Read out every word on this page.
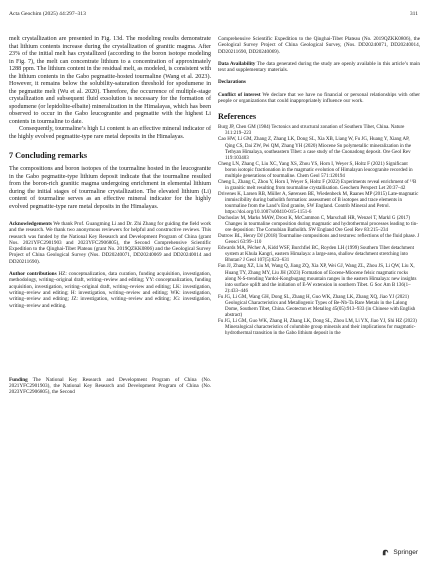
Acta Geochim (2025) 44:297–313	311

melt crystallization are presented in Fig. 13d. The modeling results demonstrate that lithium contents increase during the crystallization of granitic magma. After 23% of the initial melt has crystallized (according to the boron isotope modeling in Fig. 7), the melt can concentrate lithium to a concentration of approximately 1288 ppm. The lithium content in the residual melt, as modeled, is consistent with the lithium contents in the Gabo pegmatite-hosted tourmaline (Wang et al. 2023). However, it remains below the solubility-saturation threshold for spodumene in the pegmatite melt (Wu et al. 2020). Therefore, the occurrence of multiple-stage crystallization and subsequent fluid exsolution is necessary for the formation of spodumene (or lepidolite-elbaite) mineralization in the Himalayas, which has been observed to occur in the Gabo leucogranite and pegmatite with the highest Li contents in tourmaline to date.

Consequently, tourmaline’s high Li content is an effective mineral indicator of the highly evolved pegmatite-type rare metal deposits in the Himalayas.

7 Concluding remarks

The compositions and boron isotopes of the tourmaline hosted in the leucogranite in the Gabo pegmatite-type lithium deposit indicate that the tourmaline resulted from the boron-rich granitic magma undergoing enrichment in elemental lithium during the initial stages of tourmaline crystallization. The elevated lithium (Li) content of tourmaline serves as an effective mineral indicator for the highly evolved pegmatite-type rare metal deposits in the Himalayas.

Acknowledgements We thank Prof. Guangming Li and Dr. Zhi Zhang for guiding the field work and the research. We thank two anonymous reviewers for helpful and constructive reviews. This research was funded by the National Key Research and Development Program of China (grant Nos. 2021YFC2901903 and 2023YFC2906805), the Second Comprehensive Scientific Expedition to the Qinghai-Tibet Plateau (grant No. 2019QZKK0806) and the Geological Survey Project of China Geological Survey (Nos. DD20240071, DD20240069 and DD20240014 and DD20211690).

Author contributions HZ: conceptualization, data curation, funding acquisition, investigation, methodology, writing–original draft, writing–review and editing; YY: conceptualization, funding acquisition, investigation, writing–original draft, writing–review and editing; LK: investigation, writing–review and editing; H: investigation, writing–review and editing; WK: investigation, writing–review and editing; JZ: investigation, writing–review and editing; JG: investigation, writing–review and editing.

Funding The National Key Research and Development Program of China (No. 2021YFC2901903), the National Key Research and Development Program of China (No. 2023YFC2906805), the Second

Comprehensive Scientific Expedition to the Qinghai-Tibet Plateau (No. 2019QZKK0806), the Geological Survey Project of China Geological Survey, (Nos. DD20240071, DD20240014, DD20211690, DD20240069).

Data Availability The data generated during the study are openly available in this article’s main text and supplementary materials.

Declarations

Conflict of interest We declare that we have no financial or personal relationships with other people or organizations that could inappropriately influence our work.

References
Burg JP, Chen GM (1984) Tectonics and structural zonation of Southern Tibet, China. Nature 311:219–223
Cao HW, Li GM, Zhang Z, Zhang LK, Dong SL, Xia XB, Liang W, Fu JG, Huang Y, Xiang AP, Qing CS, Dai ZW, Pei QM, Zhang YH (2020) Miocene Sn polymetallic mineralization in the Tethyan Himalaya, southeastern Tibet: a case study of the Cuonadong deposit. Ore Geol Rev 119:103403
Cheng LN, Zhang C, Liu XC, Yang XS, Zhou YS, Horn I, Weyer S, Holtz F (2021) Significant boron isotopic fractionation in the magmatic evolution of Himalayan leucogranite recorded in multiple generations of tourmaline. Chem Geol 571:120194
Cheng L, Zhang C, Zhou Y, Horn I, Weyer S, Holtz F (2022) Experiments reveal enrichment of ¹¹B in granitic melt resulting from tourmaline crystallisation. Geochem Perspect Let 20:37–42
Drivenes K, Larsen RB, Müller A, Sørensen BE, Wiedenbeck M, Raanes MP (2015) Late-magmatic immiscibility during batholith formation: assessment of B isotopes and trace elements in tourmaline from the Land’s End granite, SW England. Contrib Mineral and Petrol. https://doi.org/10.1007/s00410-015-1151-6
Duchoslav M, Marks MAW, Drost K, McCammon C, Marschall HR, Wenzel T, Markl G (2017) Changes in tourmaline composition during magmatic and hydrothermal processes leading to tin-ore deposition: The Cornubian Batholith. SW England Ore Geol Rev 83:215–234
Dutrow BL, Henry DJ (2018) Tourmaline compositions and textures: reflections of the fluid phase. J Geosci 63:99–110
Edwards MA, Pêcher A, Kidd WSF, Burchfiel BC, Royden LH (1999) Southern Tibet detachment system at Khula Kangri, eastern Himalaya: a large-area, shallow detachment stretching into Bhutan? J Geol 107(5):623–631
Fan JJ, Zhang XZ, Liu M, Wang Q, Jiang ZQ, Xia XP, Wei GJ, Wang ZL, Zhou JS, Li QW, Liu X, Huang TY, Zhang MY, Liu JH (2023) Formation of Eocene-Miocene felsic magmatic rocks along N-S-trending Yardoi-Kongbugang mountain ranges in the eastern Himalaya: new insights into surface uplift and the initiation of E-W extension in southern Tibet. G Soc Am B 136(1–2):433–446
Fu JG, Li GM, Wang GH, Dong SL, Zhang H, Guo WK, Zhang LK, Zhang XQ, Jiao YJ (2021) Geological Characteristics and Metallogenic Types of Be-Nb-Ta Rare Metals in the Lalong Dome, Southern Tibet, China. Geotecton et Metallog 45(05):913–933 (in Chinese with English abstract)
Fu JG, Li GM, Guo WK, Zhang H, Zhang LK, Dong SL, Zhou LM, Li YX, Jiao YJ, Shi HZ (2023) Mineralogical characteristics of columbite group minerals and their implications for magmatic-hydrothermal transition in the Gabo lithium deposit in the
Springer
